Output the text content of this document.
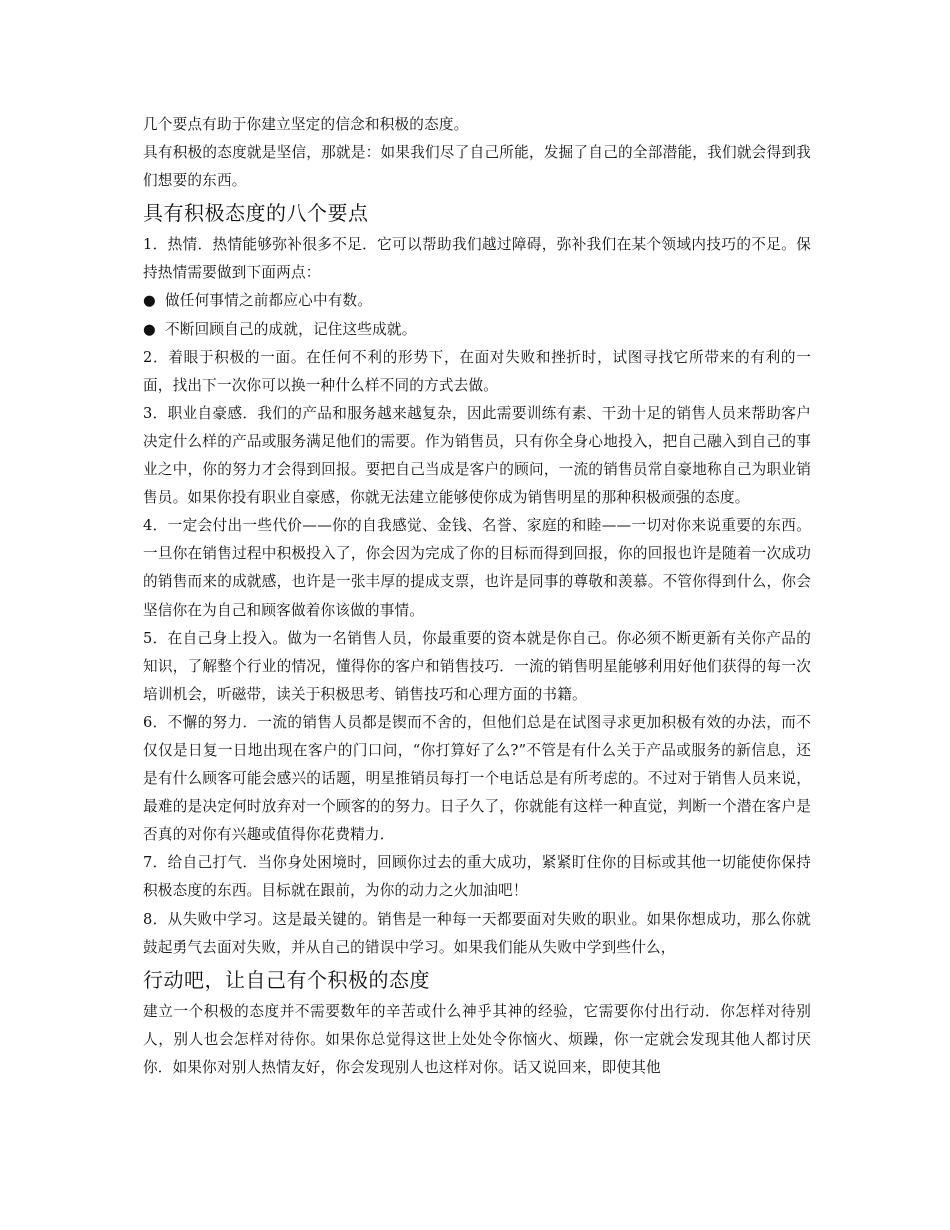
几个要点有助于你建立坚定的信念和积极的态度。

具有积极的态度就是坚信，那就是：如果我们尽了自己所能，发掘了自己的全部潜能，我们就会得到我们想要的东西。

具有积极态度的八个要点

1．热情．热情能够弥补很多不足．它可以帮助我们越过障碍，弥补我们在某个领域内技巧的不足。保持热情需要做到下面两点：

● 做任何事情之前都应心中有数。

● 不断回顾自己的成就，记住这些成就。

2．着眼于积极的一面。在任何不利的形势下，在面对失败和挫折时，试图寻找它所带来的有利的一面，找出下一次你可以换一种什么样不同的方式去做。

3．职业自豪感．我们的产品和服务越来越复杂，因此需要训练有素、干劲十足的销售人员来帮助客户决定什么样的产品或服务满足他们的需要。作为销售员，只有你全身心地投入，把自己融入到自己的事业之中，你的努力才会得到回报。要把自己当成是客户的顾问，一流的销售员常自豪地称自己为职业销售员。如果你投有职业自豪感，你就无法建立能够使你成为销售明星的那种积极顽强的态度。

4．一定会付出一些代价——你的自我感觉、金钱、名誉、家庭的和睦——一切对你来说重要的东西。一旦你在销售过程中积极投入了，你会因为完成了你的目标而得到回报，你的回报也许是随着一次成功的销售而来的成就感，也许是一张丰厚的提成支票，也许是同事的尊敬和羡慕。不管你得到什么，你会坚信你在为自己和顾客做着你该做的事情。

5．在自己身上投入。做为一名销售人员，你最重要的资本就是你自己。你必须不断更新有关你产品的知识，了解整个行业的情况，懂得你的客户和销售技巧．一流的销售明星能够利用好他们获得的每一次培训机会，听磁带，读关于积极思考、销售技巧和心理方面的书籍。

6．不懈的努力．一流的销售人员都是锲而不舍的，但他们总是在试图寻求更加积极有效的办法，而不仅仅是日复一日地出现在客户的门口问，“你打算好了么?”不管是有什么关于产品或服务的新信息，还是有什么顾客可能会感兴的话题，明星推销员每打一个电话总是有所考虑的。不过对于销售人员来说，最难的是决定何时放弃对一个顾客的的努力。日子久了，你就能有这样一种直觉，判断一个潜在客户是否真的对你有兴趣或值得你花费精力．

7．给自己打气．当你身处困境时，回顾你过去的重大成功，紧紧盯住你的目标或其他一切能使你保持积极态度的东西。目标就在跟前，为你的动力之火加油吧！

8．从失败中学习。这是最关键的。销售是一种每一天都要面对失败的职业。如果你想成功，那么你就鼓起勇气去面对失败，并从自己的错误中学习。如果我们能从失败中学到些什么，

行动吧，让自己有个积极的态度

建立一个积极的态度并不需要数年的辛苦或什么神乎其神的经验，它需要你付出行动．你怎样对待别人，别人也会怎样对待你。如果你总觉得这世上处处令你恼火、烦躁，你一定就会发现其他人都讨厌你．如果你对别人热情友好，你会发现别人也这样对你。话又说回来，即使其他
